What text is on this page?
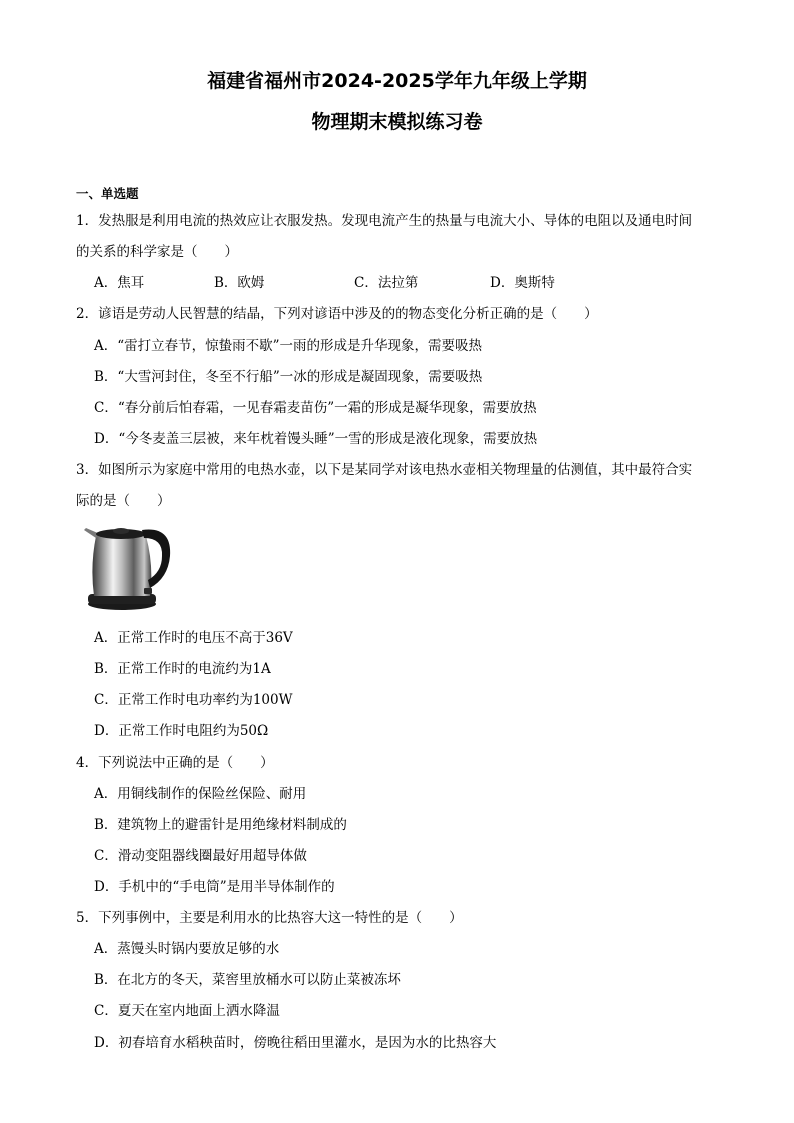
福建省福州市2024-2025学年九年级上学期
物理期末模拟练习卷
一、单选题
1．发热服是利用电流的热效应让衣服发热。发现电流产生的热量与电流大小、导体的电阻以及通电时间
的关系的科学家是（　　）
A．焦耳	B．欧姆	C．法拉第	D．奥斯特
2．谚语是劳动人民智慧的结晶，下列对谚语中涉及的的物态变化分析正确的是（　　）
A．“雷打立春节，惊蛰雨不歇”一雨的形成是升华现象，需要吸热
B．“大雪河封住，冬至不行船”一冰的形成是凝固现象，需要吸热
C．“春分前后怕春霜，一见春霜麦苗伤”一霜的形成是凝华现象，需要放热
D．“今冬麦盖三层被，来年枕着馒头睡”一雪的形成是液化现象，需要放热
3．如图所示为家庭中常用的电热水壶，以下是某同学对该电热水壶相关物理量的估测值，其中最符合实
际的是（　　）
A．正常工作时的电压不高于36V
B．正常工作时的电流约为1A
C．正常工作时电功率约为100W
D．正常工作时电阻约为50Ω
4．下列说法中正确的是（　　）
A．用铜线制作的保险丝保险、耐用
B．建筑物上的避雷针是用绝缘材料制成的
C．滑动变阻器线圈最好用超导体做
D．手机中的“手电筒”是用半导体制作的
5．下列事例中，主要是利用水的比热容大这一特性的是（　　）
A．蒸馒头时锅内要放足够的水
B．在北方的冬天，菜窖里放桶水可以防止菜被冻坏
C．夏天在室内地面上洒水降温
D．初春培育水稻秧苗时，傍晚往稻田里灌水，是因为水的比热容大
